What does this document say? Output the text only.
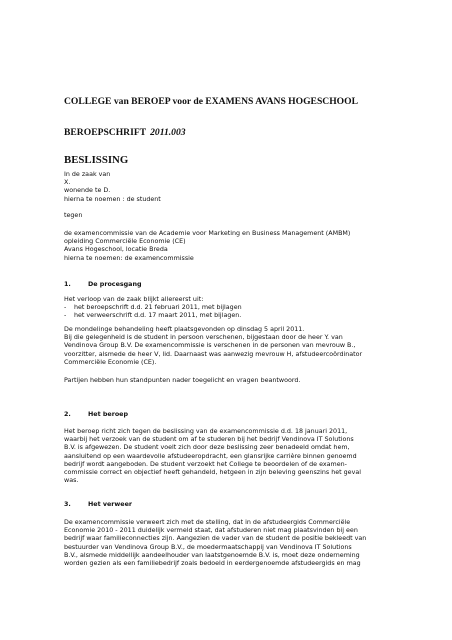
COLLEGE van BEROEP voor de EXAMENS AVANS HOGESCHOOL
BEROEPSCHRIFT 2011.003
BESLISSING
In de zaak van
X.
wonende te D.
hierna te noemen : de student
tegen
de examencommissie van de Academie voor Marketing en Business Management (AMBM)
opleiding Commerciële Economie (CE)
Avans Hogeschool, locatie Breda
hierna te noemen: de examencommissie
1.	De procesgang
Het verloop van de zaak blijkt allereerst uit:
- het beroepschrift d.d. 21 februari 2011, met bijlagen
- het verweerschrift d.d. 17 maart 2011, met bijlagen.
De mondelinge behandeling heeft plaatsgevonden op dinsdag 5 april 2011.
Bij die gelegenheid is de student in persoon verschenen, bijgestaan door de heer Y. van
Vendinova Group B.V. De examencommissie is verschenen in de personen van mevrouw B.,
voorzitter, alsmede de heer V, lid. Daarnaast was aanwezig mevrouw H, afstudeercoördinator
Commerciële Economie (CE).
Partijen hebben hun standpunten nader toegelicht en vragen beantwoord.
2.	Het beroep
Het beroep richt zich tegen de beslissing van de examencommissie d.d. 18 januari 2011,
waarbij het verzoek van de student om af te studeren bij het bedrijf Vendinova IT Solutions
B.V. is afgewezen. De student voelt zich door deze beslissing zeer benadeeld omdat hem,
aansluitend op een waardevolle afstudeeropdracht, een glansrijke carrière binnen genoemd
bedrijf wordt aangeboden. De student verzoekt het College te beoordelen of de examen-
commissie correct en objectief heeft gehandeld, hetgeen in zijn beleving geenszins het geval
was.
3.	Het verweer
De examencommissie verweert zich met de stelling, dat in de afstudeergids Commerciële
Economie 2010 - 2011 duidelijk vermeld staat, dat afstuderen niet mag plaatsvinden bij een
bedrijf waar familieconnecties zijn. Aangezien de vader van de student de positie bekleedt van
bestuurder van Vendinova Group B.V., de moedermaatschappij van Vendinova IT Solutions
B.V., alsmede middellijk aandeelhouder van laatstgenoemde B.V. is, moet deze onderneming
worden gezien als een familiebedrijf zoals bedoeld in eerdergenoemde afstudeergids en mag
